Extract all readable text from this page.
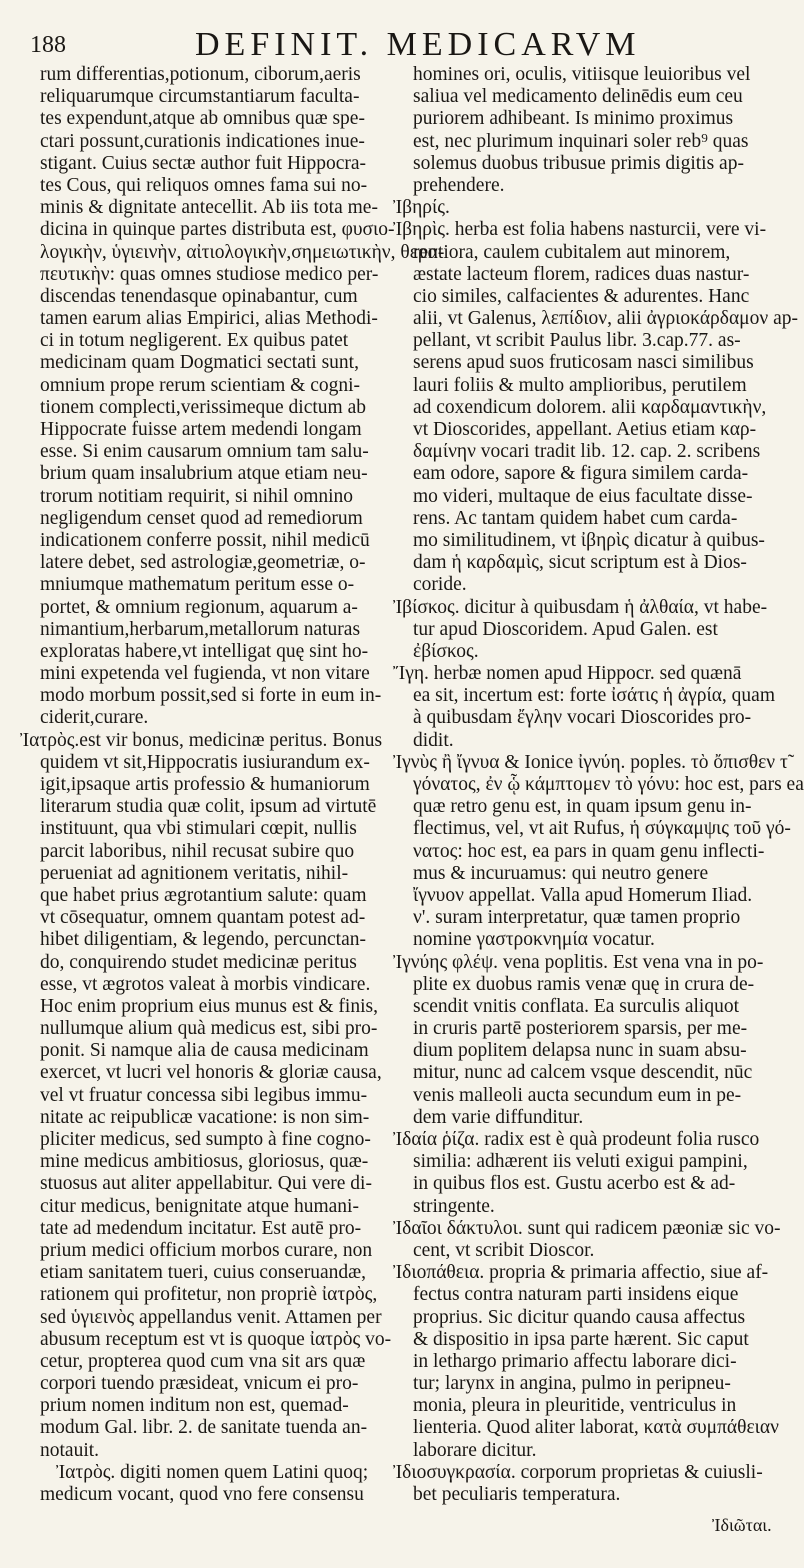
188	DEFINIT. MEDICARVM
rum differentias,potionum, ciborum,aeris
reliquarumque circumstantiarum faculta-
tes expendunt,atque ab omnibus quæ spe-
ctari possunt,curationis indicationes inue-
stigant. Cuius sectæ author fuit Hippocra-
tes Cous, qui reliquos omnes fama sui no-
minis & dignitate antecellit. Ab iis tota me-
dicina in quinque partes distributa est, φυσιο-
λογικὴν, ὑγιεινὴν, αἰτιολογικὴν,σημειωτικὴν, θερα-
πευτικὴν: quas omnes studiose medico per-
discendas tenendasque opinabantur, cum
tamen earum alias Empirici, alias Methodi-
ci in totum negligerent. Ex quibus patet
medicinam quam Dogmatici sectati sunt,
omnium prope rerum scientiam & cogni-
tionem complecti,verissimeque dictum ab
Hippocrate fuisse artem medendi longam
esse. Si enim causarum omnium tam salu-
brium quam insalubrium atque etiam neu-
trorum notitiam requirit, si nihil omnino
negligendum censet quod ad remediorum
indicationem conferre possit, nihil medicū
latere debet, sed astrologiæ,geometriæ, o-
mniumque mathematum peritum esse o-
portet, & omnium regionum, aquarum a-
nimantium,herbarum,metallorum naturas
exploratas habere,vt intelligat quę sint ho-
mini expetenda vel fugienda, vt non vitare
modo morbum possit,sed si forte in eum in-
ciderit,curare.
Ἰατρὸς.est vir bonus, medicinæ peritus. Bonus
quidem vt sit,Hippocratis iusiurandum ex-
igit,ipsaque artis professio & humaniorum
literarum studia quæ colit, ipsum ad virtutē
instituunt, qua vbi stimulari cœpit, nullis
parcit laboribus, nihil recusat subire quo
perueniat ad agnitionem veritatis, nihil-
que habet prius ægrotantium salute: quam
vt cōsequatur, omnem quantam potest ad-
hibet diligentiam, & legendo, percunctan-
do, conquirendo studet medicinæ peritus
esse, vt ægrotos valeat à morbis vindicare.
Hoc enim proprium eius munus est & finis,
nullumque alium quà medicus est, sibi pro-
ponit. Si namque alia de causa medicinam
exercet, vt lucri vel honoris & gloriæ causa,
vel vt fruatur concessa sibi legibus immu-
nitate ac reipublicæ vacatione: is non sim-
pliciter medicus, sed sumpto à fine cogno-
mine medicus ambitiosus, gloriosus, quæ-
stuosus aut aliter appellabitur. Qui vere di-
citur medicus, benignitate atque humani-
tate ad medendum incitatur. Est autē pro-
prium medici officium morbos curare, non
etiam sanitatem tueri, cuius conseruandæ,
rationem qui profitetur, non propriè ἰατρὸς,
sed ὑγιεινὸς appellandus venit. Attamen per
abusum receptum est vt is quoque ἰατρὸς vo-
cetur, propterea quod cum vna sit ars quæ
corpori tuendo præsideat, vnicum ei pro-
prium nomen inditum non est, quemad-
modum Gal. libr. 2. de sanitate tuenda an-
notauit.
Ἰατρὸς. digiti nomen quem Latini quoq;
medicum vocant, quod vno fere consensu
homines ori, oculis, vitiisque leuioribus vel
saliua vel medicamento delinēdis eum ceu
puriorem adhibeant. Is minimo proximus
est, nec plurimum inquinari soler reb⁹ quas
solemus duobus tribusue primis digitis ap-
prehendere.
Ἰβηρίς.
Ἰβηρὶς. herba est folia habens nasturcii, vere vi-
rentiora, caulem cubitalem aut minorem,
æstate lacteum florem, radices duas nastur-
cio similes, calfacientes & adurentes. Hanc
alii, vt Galenus, λεπίδιον, alii ἀγριοκάρδαμον ap-
pellant, vt scribit Paulus libr. 3.cap.77. as-
serens apud suos fruticosam nasci similibus
lauri foliis & multo amplioribus, perutilem
ad coxendicum dolorem. alii καρδαμαντικὴν,
vt Dioscorides, appellant. Aetius etiam καρ-
δαμίνην vocari tradit lib. 12. cap. 2. scribens
eam odore, sapore & figura similem carda-
mo videri, multaque de eius facultate disse-
rens. Ac tantam quidem habet cum carda-
mo similitudinem, vt ἰβηρὶς dicatur à quibus-
dam ἡ καρδαμὶς, sicut scriptum est à Dios-
coride.
Ἰβίσκος. dicitur à quibusdam ἡ ἀλθαία, vt habe-
tur apud Dioscoridem. Apud Galen. est
ἐβίσκος.
Ἴγη. herbæ nomen apud Hippocr. sed quænā
ea sit, incertum est: forte ἰσάτις ἡ ἀγρία, quam
à quibusdam ἔγλην vocari Dioscorides pro-
didit.
Ἰγνὺς ἢ ἴγνυα & Ionice ἰγνύη. poples. τὸ ὄπισθεν τ̃
γόνατος, ἐν ᾧ κάμπτομεν τὸ γόνυ: hoc est, pars ea
quæ retro genu est, in quam ipsum genu in-
flectimus, vel, vt ait Rufus, ἡ σύγκαμψις τοῦ γό-
νατος: hoc est, ea pars in quam genu inflecti-
mus & incuruamus: qui neutro genere
ἴγνυον appellat. Valla apud Homerum Iliad.
ν'. suram interpretatur, quæ tamen proprio
nomine γαστροκνημία vocatur.
Ἰγνύης φλέψ. vena poplitis. Est vena vna in po-
plite ex duobus ramis venæ quę in crura de-
scendit vnitis conflata. Ea surculis aliquot
in cruris partē posteriorem sparsis, per me-
dium poplitem delapsa nunc in suam absu-
mitur, nunc ad calcem vsque descendit, nūc
venis malleoli aucta secundum eum in pe-
dem varie diffunditur.
Ἰδαία ῥίζα. radix est è quà prodeunt folia rusco
similia: adhærent iis veluti exigui pampini,
in quibus flos est. Gustu acerbo est & ad-
stringente.
Ἰδαῖοι δάκτυλοι. sunt qui radicem pæoniæ sic vo-
cent, vt scribit Dioscor.
Ἰδιοπάθεια. propria & primaria affectio, siue af-
fectus contra naturam parti insidens eique
proprius. Sic dicitur quando causa affectus
& dispositio in ipsa parte hærent. Sic caput
in lethargo primario affectu laborare dici-
tur; larynx in angina, pulmo in peripneu-
monia, pleura in pleuritide, ventriculus in
lienteria. Quod aliter laborat, κατὰ συμπάθειαν
laborare dicitur.
Ἰδιοσυγκρασία. corporum proprietas & cuiusli-
bet peculiaris temperatura.
Ἰδιῶται.
